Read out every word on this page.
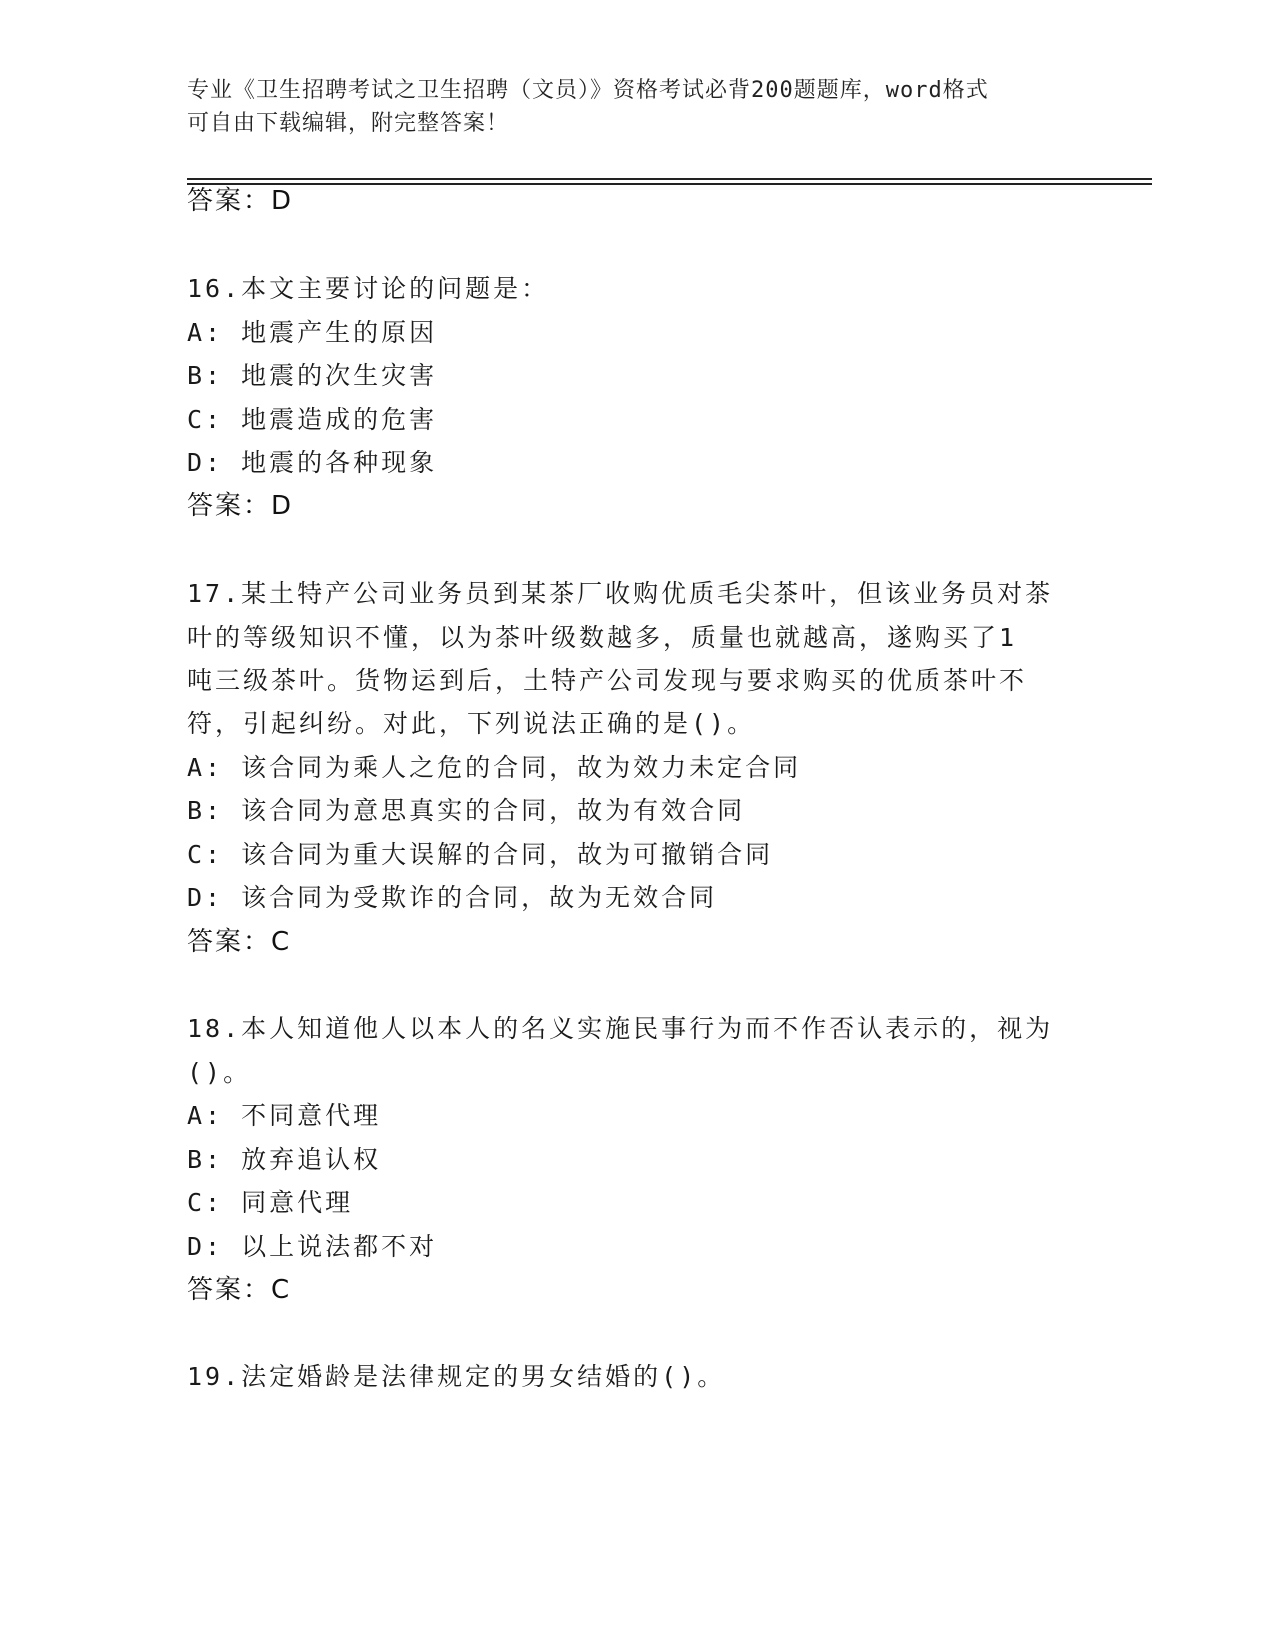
专业《卫生招聘考试之卫生招聘（文员）》资格考试必背200题题库，word格式
可自由下载编辑，附完整答案！
答案：D
16.本文主要讨论的问题是：
A: 地震产生的原因
B: 地震的次生灾害
C: 地震造成的危害
D: 地震的各种现象
答案：D
17.某土特产公司业务员到某茶厂收购优质毛尖茶叶，但该业务员对茶
叶的等级知识不懂，以为茶叶级数越多，质量也就越高，遂购买了1
吨三级茶叶。货物运到后，土特产公司发现与要求购买的优质茶叶不
符，引起纠纷。对此，下列说法正确的是()。
A: 该合同为乘人之危的合同，故为效力未定合同
B: 该合同为意思真实的合同，故为有效合同
C: 该合同为重大误解的合同，故为可撤销合同
D: 该合同为受欺诈的合同，故为无效合同
答案：C
18.本人知道他人以本人的名义实施民事行为而不作否认表示的，视为
()。
A: 不同意代理
B: 放弃追认权
C: 同意代理
D: 以上说法都不对
答案：C
19.法定婚龄是法律规定的男女结婚的()。
